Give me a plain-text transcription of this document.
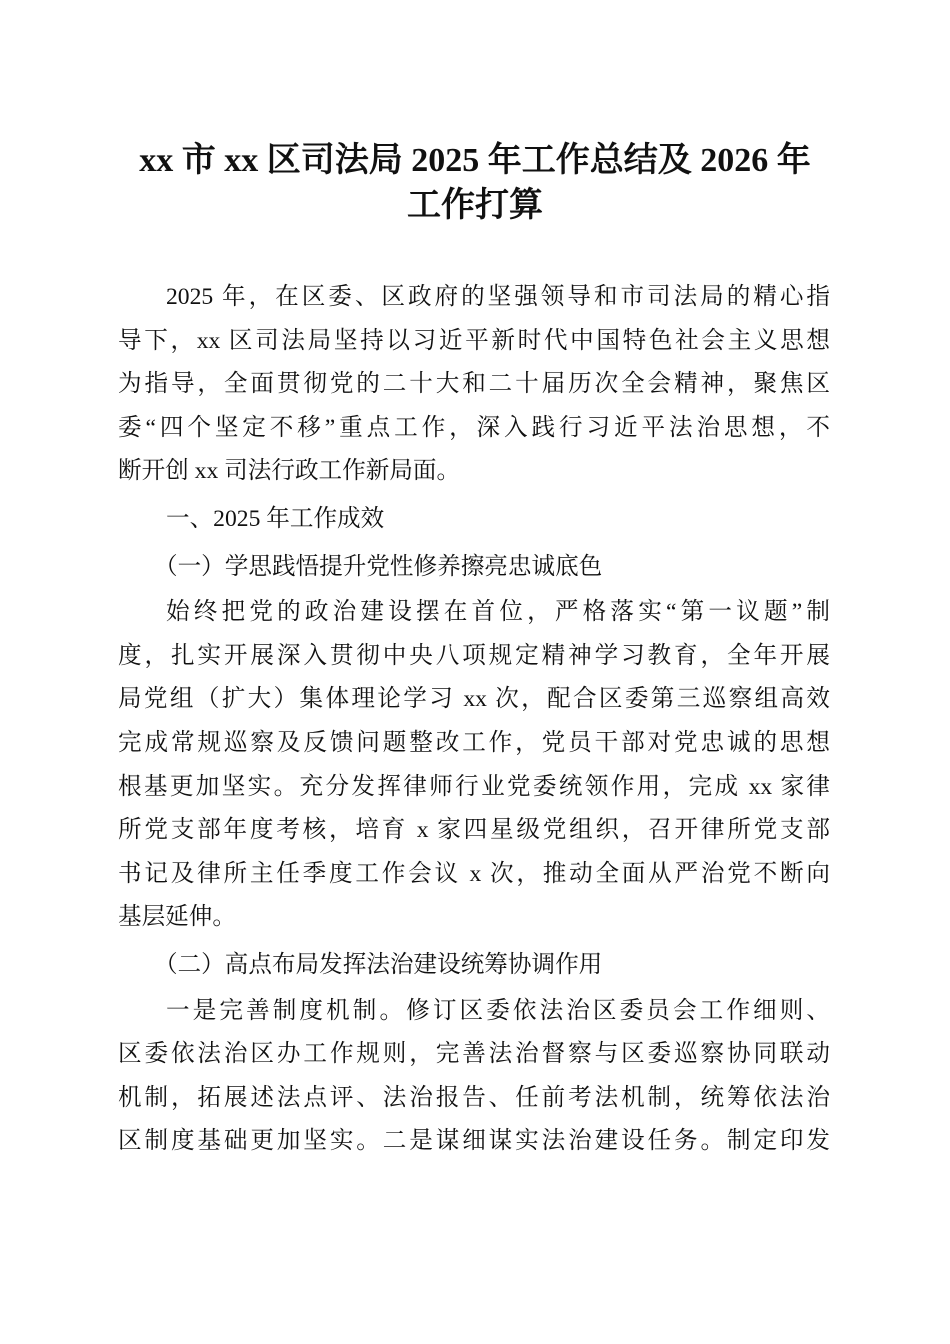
xx 市 xx 区司法局 2025 年工作总结及 2026 年
工作打算
2025 年，在区委、区政府的坚强领导和市司法局的精心指
导下，xx 区司法局坚持以习近平新时代中国特色社会主义思想
为指导，全面贯彻党的二十大和二十届历次全会精神，聚焦区
委“四个坚定不移”重点工作，深入践行习近平法治思想，不
断开创 xx 司法行政工作新局面。
一、2025 年工作成效
（一）学思践悟提升党性修养擦亮忠诚底色
始终把党的政治建设摆在首位，严格落实“第一议题”制
度，扎实开展深入贯彻中央八项规定精神学习教育，全年开展
局党组（扩大）集体理论学习 xx 次，配合区委第三巡察组高效
完成常规巡察及反馈问题整改工作，党员干部对党忠诚的思想
根基更加坚实。充分发挥律师行业党委统领作用，完成 xx 家律
所党支部年度考核，培育 x 家四星级党组织，召开律所党支部
书记及律所主任季度工作会议 x 次，推动全面从严治党不断向
基层延伸。
（二）高点布局发挥法治建设统筹协调作用
一是完善制度机制。修订区委依法治区委员会工作细则、
区委依法治区办工作规则，完善法治督察与区委巡察协同联动
机制，拓展述法点评、法治报告、任前考法机制，统筹依法治
区制度基础更加坚实。二是谋细谋实法治建设任务。制定印发
